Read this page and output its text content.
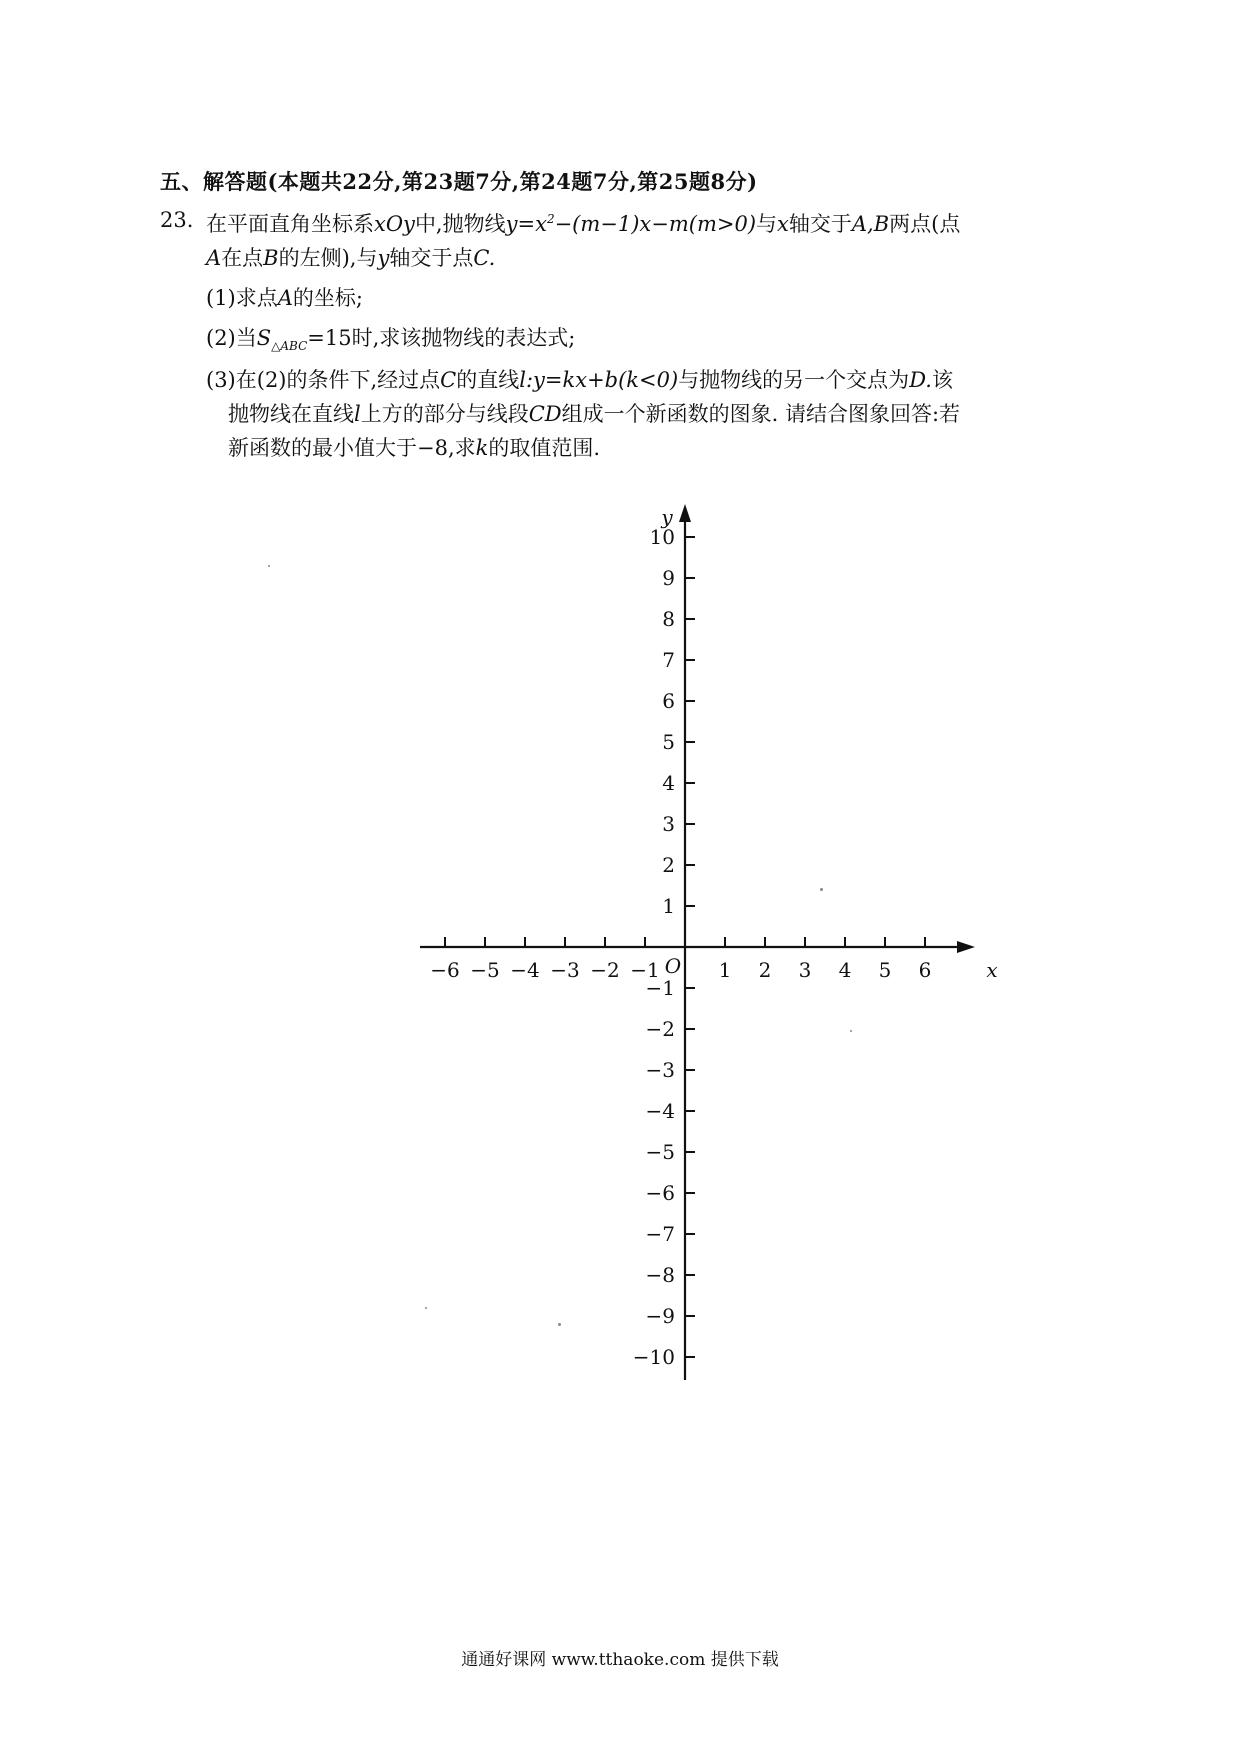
五、解答题(本题共22分,第23题7分,第24题7分,第25题8分)
23. 在平面直角坐标系xOy中,抛物线$y=x^2-(m-1)x-m(m>0)$与x轴交于A,B两点(点
A在点B的左侧),与y轴交于点C.
(1)求点A的坐标;
(2)当$S_{\triangle ABC}=15$时,求该抛物线的表达式;
(3)在(2)的条件下,经过点C的直线l:y=kx+b(k<0)与抛物线的另一个交点为D.该
抛物线在直线l上方的部分与线段CD组成一个新函数的图象. 请结合图象回答:若
新函数的最小值大于−8,求k的取值范围.
y
x
O
−6 −5 −4 −3 −2 −1	1 2 3 4 5 6
10
9
8
7
6
5
4
3
2
1
−1
−2
−3
−4
−5
−6
−7
−8
−9
−10
通通好课网 www.tthaoke.com 提供下载
